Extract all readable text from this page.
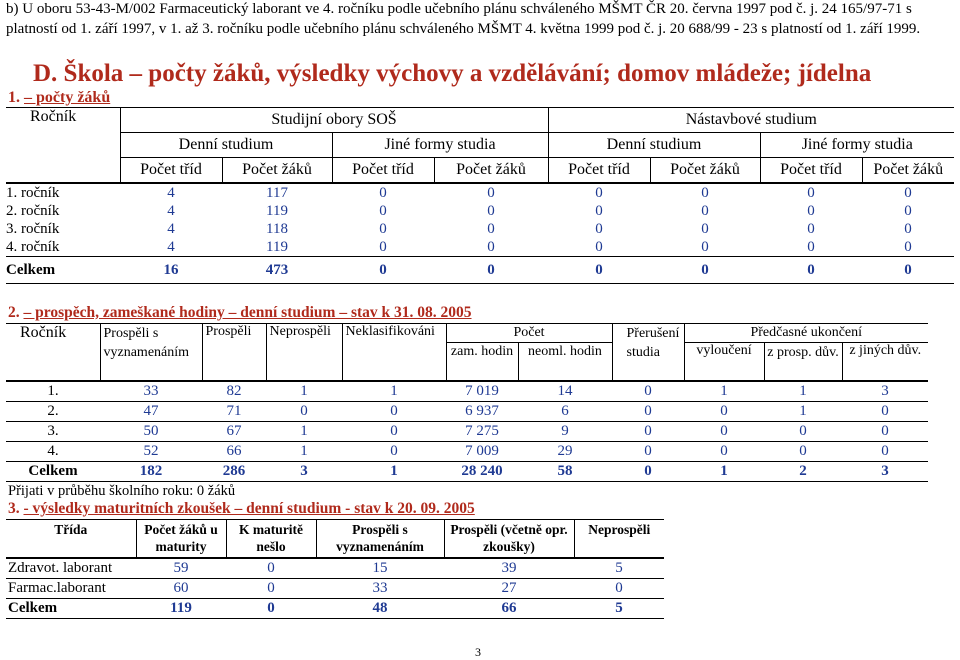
b) U oboru 53-43-M/002 Farmaceutický laborant ve 4. ročníku podle učebního plánu schváleného MŠMT ČR 20. června 1997 pod č. j. 24 165/97-71 s platností od 1. září 1997, v 1. až 3. ročníku podle učebního plánu schváleného MŠMT 4. května 1999 pod č. j. 20 688/99 - 23 s platností od 1. září 1999.
D. Škola – počty žáků, výsledky výchovy a vzdělávání; domov mládeže; jídelna
1. – počty žáků
Ročník	Studijní obory SOŠ				Nástavbové studium			
	Denní studium		Jiné formy studia		Denní studium		Jiné formy studia	
	Počet tříd	Počet žáků	Počet tříd	Počet žáků	Počet tříd	Počet žáků	Počet tříd	Počet žáků
1. ročník	4	117	0	0	0	0	0	0
2. ročník	4	119	0	0	0	0	0	0
3. ročník	4	118	0	0	0	0	0	0
4. ročník	4	119	0	0	0	0	0	0
Celkem	16	473	0	0	0	0	0	0
2. – prospěch, zameškané hodiny – denní studium – stav k 31. 08. 2005
Ročník	Prospěli s vyznamenáním	Prospěli	Neprospěli	Neklasifikováni	Počet		Přerušení studia	Předčasné ukončení		
					zam. hodin	neoml. hodin		vyloučení	z prosp. dův.	z jiných dův.

1.	33	82	1	1	7 019	14	0	1	1	3
2.	47	71	0	0	6 937	6	0	0	1	0
3.	50	67	1	0	7 275	9	0	0	0	0
4.	52	66	1	0	7 009	29	0	0	0	0
Celkem	182	286	3	1	28 240	58	0	1	2	3
Přijati v průběhu školního roku: 0 žáků
3. - výsledky maturitních zkoušek – denní studium - stav k 20. 09. 2005
Třída	Počet žáků u maturity	K maturitě nešlo	Prospěli s vyznamenáním	Prospěli (včetně opr. zkoušky)	Neprospěli
Zdravot. laborant	59	0	15	39	5
Farmac.laborant	60	0	33	27	0
Celkem	119	0	48	66	5
3
